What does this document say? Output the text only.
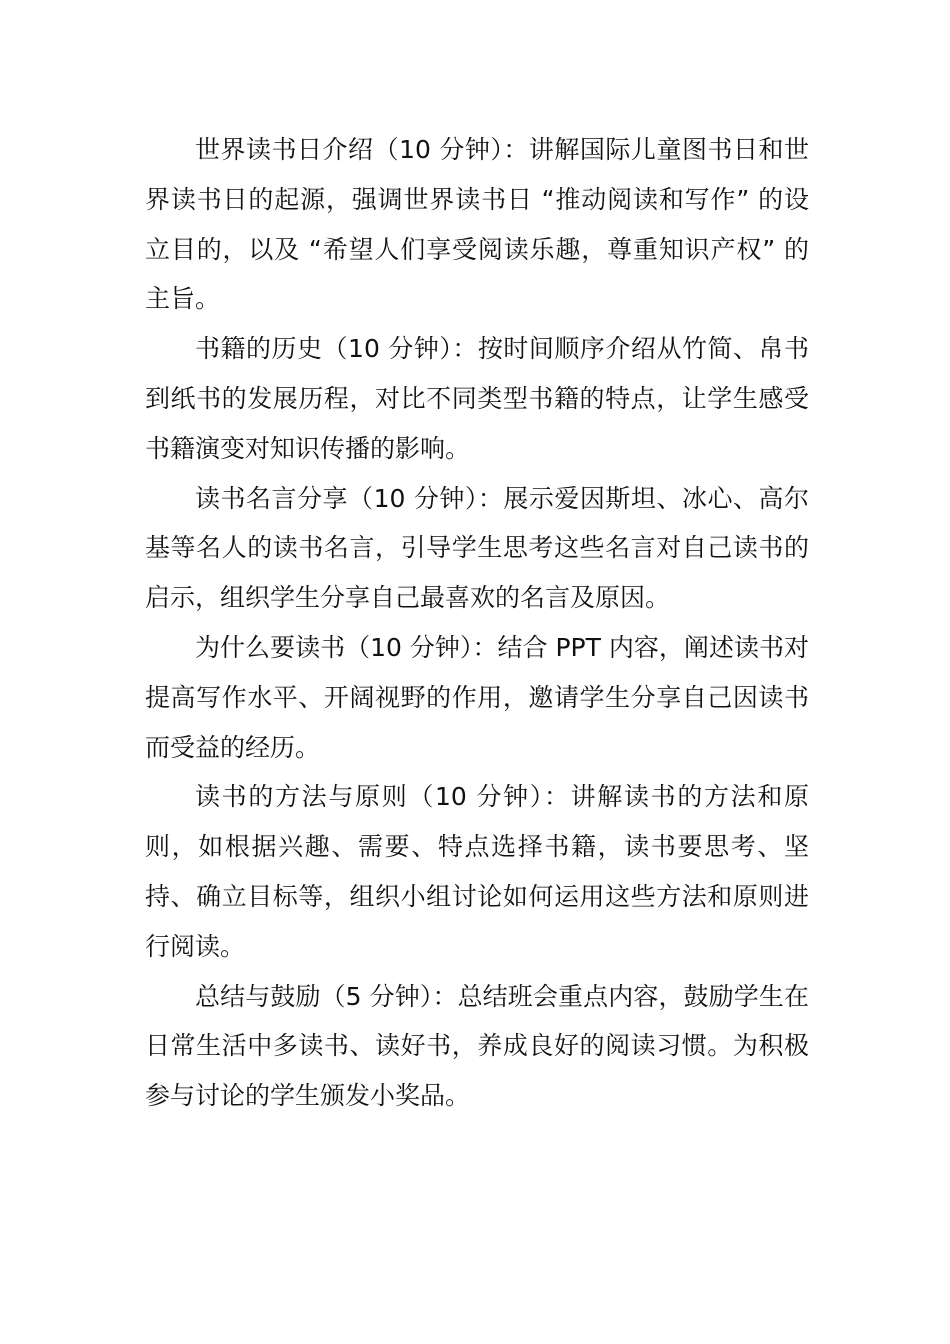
世界读书日介绍（10 分钟）：讲解国际儿童图书日和世界读书日的起源，强调世界读书日 “推动阅读和写作” 的设立目的，以及 “希望人们享受阅读乐趣，尊重知识产权” 的主旨。

书籍的历史（10 分钟）：按时间顺序介绍从竹简、帛书到纸书的发展历程，对比不同类型书籍的特点，让学生感受书籍演变对知识传播的影响。

读书名言分享（10 分钟）：展示爱因斯坦、冰心、高尔基等名人的读书名言，引导学生思考这些名言对自己读书的启示，组织学生分享自己最喜欢的名言及原因。

为什么要读书（10 分钟）：结合 PPT 内容，阐述读书对提高写作水平、开阔视野的作用，邀请学生分享自己因读书而受益的经历。

读书的方法与原则（10 分钟）：讲解读书的方法和原则，如根据兴趣、需要、特点选择书籍，读书要思考、坚持、确立目标等，组织小组讨论如何运用这些方法和原则进行阅读。

总结与鼓励（5 分钟）：总结班会重点内容，鼓励学生在日常生活中多读书、读好书，养成良好的阅读习惯。为积极参与讨论的学生颁发小奖品。
